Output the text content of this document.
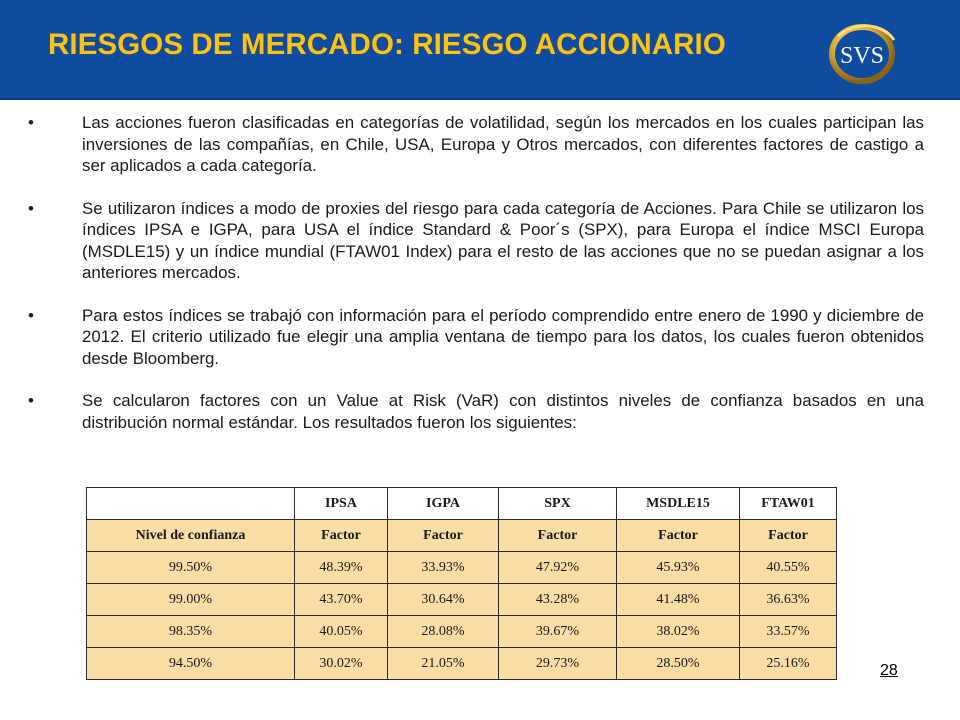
RIESGOS DE MERCADO: RIESGO ACCIONARIO	SVS

•	Las acciones fueron clasificadas en categorías de volatilidad, según los mercados en los cuales participan las inversiones de las compañías, en Chile, USA, Europa y Otros mercados, con diferentes factores de castigo a ser aplicados a cada categoría.

•	Se utilizaron índices a modo de proxies del riesgo para cada categoría de Acciones. Para Chile se utilizaron los índices IPSA e IGPA, para USA el índice Standard & Poor´s (SPX), para Europa el índice MSCI Europa (MSDLE15) y un índice mundial (FTAW01 Index) para el resto de las acciones que no se puedan asignar a los anteriores mercados.

•	Para estos índices se trabajó con información para el período comprendido entre enero de 1990 y diciembre de 2012. El criterio utilizado fue elegir una amplia ventana de tiempo para los datos, los cuales fueron obtenidos desde Bloomberg.

•	Se calcularon factores con un Value at Risk (VaR) con distintos niveles de confianza basados en una distribución normal estándar. Los resultados fueron los siguientes:

	IPSA	IGPA	SPX	MSDLE15	FTAW01
Nivel de confianza	Factor	Factor	Factor	Factor	Factor
99.50%	48.39%	33.93%	47.92%	45.93%	40.55%
99.00%	43.70%	30.64%	43.28%	41.48%	36.63%
98.35%	40.05%	28.08%	39.67%	38.02%	33.57%
94.50%	30.02%	21.05%	29.73%	28.50%	25.16%	28
